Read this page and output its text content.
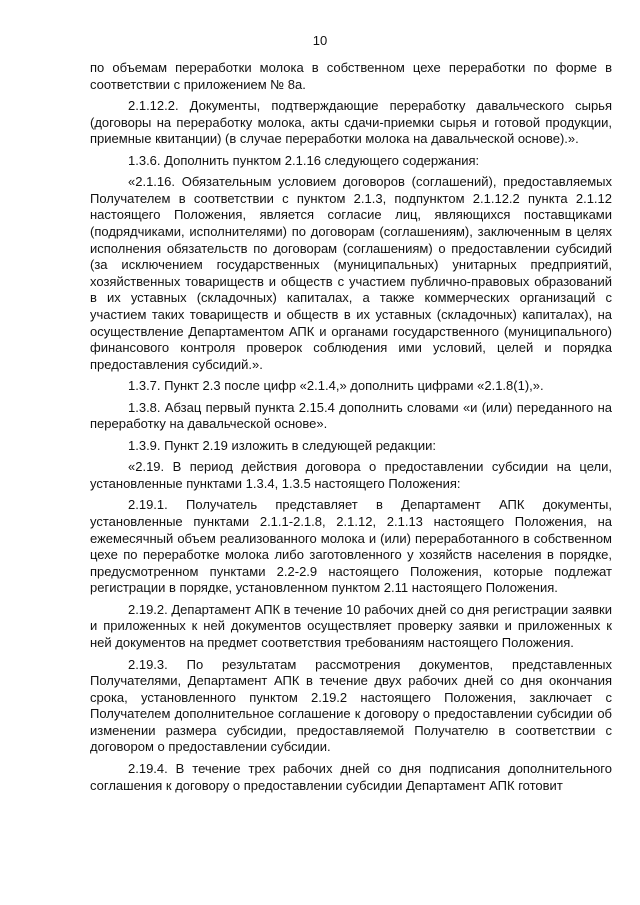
10

по объемам переработки молока в собственном цехе переработки по форме в соответствии с приложением № 8а.

2.1.12.2. Документы, подтверждающие переработку давальческого сырья (договоры на переработку молока, акты сдачи-приемки сырья и готовой продукции, приемные квитанции) (в случае переработки молока на давальческой основе).».

1.3.6. Дополнить пунктом 2.1.16 следующего содержания:

«2.1.16. Обязательным условием договоров (соглашений), предоставляемых Получателем в соответствии с пунктом 2.1.3, подпунктом 2.1.12.2 пункта 2.1.12 настоящего Положения, является согласие лиц, являющихся поставщиками (подрядчиками, исполнителями) по договорам (соглашениям), заключенным в целях исполнения обязательств по договорам (соглашениям) о предоставлении субсидий (за исключением государственных (муниципальных) унитарных предприятий, хозяйственных товариществ и обществ с участием публично-правовых образований в их уставных (складочных) капиталах, а также коммерческих организаций с участием таких товариществ и обществ в их уставных (складочных) капиталах), на осуществление Департаментом АПК и органами государственного (муниципального) финансового контроля проверок соблюдения ими условий, целей и порядка предоставления субсидий.».

1.3.7. Пункт 2.3 после цифр «2.1.4,» дополнить цифрами «2.1.8(1),».

1.3.8. Абзац первый пункта 2.15.4 дополнить словами «и (или) переданного на переработку на давальческой основе».

1.3.9. Пункт 2.19 изложить в следующей редакции:

«2.19. В период действия договора о предоставлении субсидии на цели, установленные пунктами 1.3.4, 1.3.5 настоящего Положения:

2.19.1. Получатель представляет в Департамент АПК документы, установленные пунктами 2.1.1-2.1.8, 2.1.12, 2.1.13 настоящего Положения, на ежемесячный объем реализованного молока и (или) переработанного в собственном цехе по переработке молока либо заготовленного у хозяйств населения в порядке, предусмотренном пунктами 2.2-2.9 настоящего Положения, которые подлежат регистрации в порядке, установленном пунктом 2.11 настоящего Положения.

2.19.2. Департамент АПК в течение 10 рабочих дней со дня регистрации заявки и приложенных к ней документов осуществляет проверку заявки и приложенных к ней документов на предмет соответствия требованиям настоящего Положения.

2.19.3. По результатам рассмотрения документов, представленных Получателями, Департамент АПК в течение двух рабочих дней со дня окончания срока, установленного пунктом 2.19.2 настоящего Положения, заключает с Получателем дополнительное соглашение к договору о предоставлении субсидии об изменении размера субсидии, предоставляемой Получателю в соответствии с договором о предоставлении субсидии.

2.19.4. В течение трех рабочих дней со дня подписания дополнительного соглашения к договору о предоставлении субсидии Департамент АПК готовит
